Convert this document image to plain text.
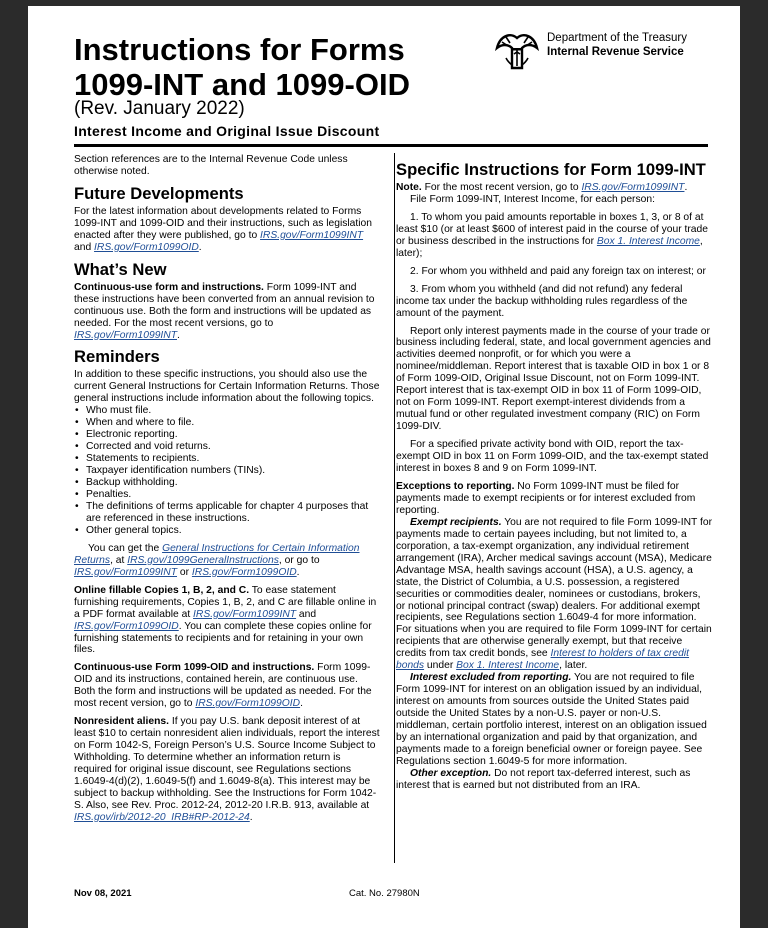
Instructions for Forms
1099-INT and 1099-OID
(Rev. January 2022)
Interest Income and Original Issue Discount
Department of the Treasury
Internal Revenue Service

Section references are to the Internal Revenue Code unless otherwise noted.

Future Developments

For the latest information about developments related to Forms 1099-INT and 1099-OID and their instructions, such as legislation enacted after they were published, go to IRS.gov/Form1099INT and IRS.gov/Form1099OID.

What’s New

Continuous-use form and instructions. Form 1099-INT and these instructions have been converted from an annual revision to continuous use. Both the form and instructions will be updated as needed. For the most recent versions, go to IRS.gov/Form1099INT.

Reminders

In addition to these specific instructions, you should also use the current General Instructions for Certain Information Returns. Those general instructions include information about the following topics.

• Who must file.
• When and where to file.
• Electronic reporting.
• Corrected and void returns.
• Statements to recipients.
• Taxpayer identification numbers (TINs).
• Backup withholding.
• Penalties.
• The definitions of terms applicable for chapter 4 purposes that are referenced in these instructions.
• Other general topics.

You can get the General Instructions for Certain Information Returns, at IRS.gov/1099GeneralInstructions, or go to IRS.gov/Form1099INT or IRS.gov/Form1099OID.

Online fillable Copies 1, B, 2, and C. To ease statement furnishing requirements, Copies 1, B, 2, and C are fillable online in a PDF format available at IRS.gov/Form1099INT and IRS.gov/Form1099OID. You can complete these copies online for furnishing statements to recipients and for retaining in your own files.

Continuous-use Form 1099-OID and instructions. Form 1099-OID and its instructions, contained herein, are continuous use. Both the form and instructions will be updated as needed. For the most recent version, go to IRS.gov/Form1099OID.

Nonresident aliens. If you pay U.S. bank deposit interest of at least $10 to certain nonresident alien individuals, report the interest on Form 1042-S, Foreign Person’s U.S. Source Income Subject to Withholding. To determine whether an information return is required for original issue discount, see Regulations sections 1.6049-4(d)(2), 1.6049-5(f) and 1.6049-8(a). This interest may be subject to backup withholding. See the Instructions for Form 1042-S. Also, see Rev. Proc. 2012-24, 2012-20 I.R.B. 913, available at IRS.gov/irb/2012-20_IRB#RP-2012-24.

Specific Instructions for Form 1099-INT

Note. For the most recent version, go to IRS.gov/Form1099INT.

File Form 1099-INT, Interest Income, for each person:

1. To whom you paid amounts reportable in boxes 1, 3, or 8 of at least $10 (or at least $600 of interest paid in the course of your trade or business described in the instructions for Box 1. Interest Income, later);

2. For whom you withheld and paid any foreign tax on interest; or

3. From whom you withheld (and did not refund) any federal income tax under the backup withholding rules regardless of the amount of the payment.

Report only interest payments made in the course of your trade or business including federal, state, and local government agencies and activities deemed nonprofit, or for which you were a nominee/middleman. Report interest that is taxable OID in box 1 or 8 of Form 1099-OID, Original Issue Discount, not on Form 1099-INT. Report interest that is tax-exempt OID in box 11 of Form 1099-OID, not on Form 1099-INT. Report exempt-interest dividends from a mutual fund or other regulated investment company (RIC) on Form 1099-DIV.

For a specified private activity bond with OID, report the tax-exempt OID in box 11 on Form 1099-OID, and the tax-exempt stated interest in boxes 8 and 9 on Form 1099-INT.

Exceptions to reporting. No Form 1099-INT must be filed for payments made to exempt recipients or for interest excluded from reporting.

Exempt recipients. You are not required to file Form 1099-INT for payments made to certain payees including, but not limited to, a corporation, a tax-exempt organization, any individual retirement arrangement (IRA), Archer medical savings account (MSA), Medicare Advantage MSA, health savings account (HSA), a U.S. agency, a state, the District of Columbia, a U.S. possession, a registered securities or commodities dealer, nominees or custodians, brokers, or notional principal contract (swap) dealers. For additional exempt recipients, see Regulations section 1.6049-4 for more information. For situations when you are required to file Form 1099-INT for certain recipients that are otherwise generally exempt, but that receive credits from tax credit bonds, see Interest to holders of tax credit bonds under Box 1. Interest Income, later.

Interest excluded from reporting. You are not required to file Form 1099-INT for interest on an obligation issued by an individual, interest on amounts from sources outside the United States paid outside the United States by a non-U.S. payer or non-U.S. middleman, certain portfolio interest, interest on an obligation issued by an international organization and paid by that organization, and payments made to a foreign beneficial owner or foreign payee. See Regulations section 1.6049-5 for more information.

Other exception. Do not report tax-deferred interest, such as interest that is earned but not distributed from an IRA.

Nov 08, 2021	Cat. No. 27980N
